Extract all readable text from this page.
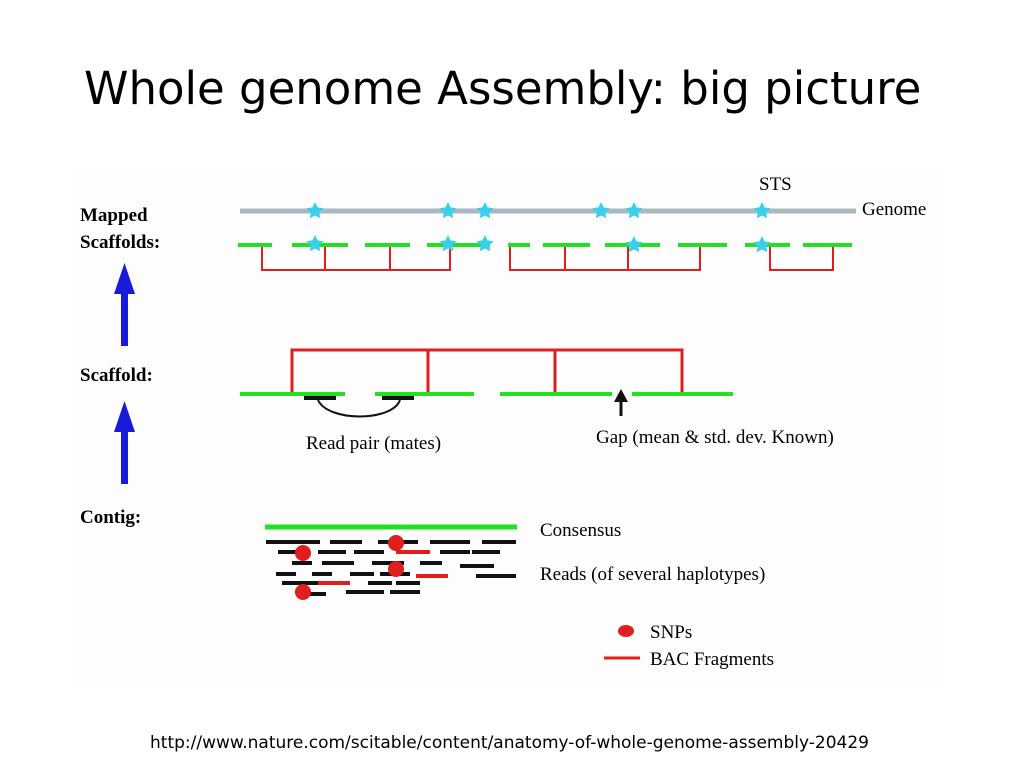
Whole genome Assembly: big picture
Mapped
Scaffolds:
Scaffold:
Contig:
STS
Genome
Read pair (mates)	Gap (mean & std. dev. Known)
Consensus
Reads (of several haplotypes)
SNPs
BAC Fragments
http://www.nature.com/scitable/content/anatomy-of-whole-genome-assembly-20429
